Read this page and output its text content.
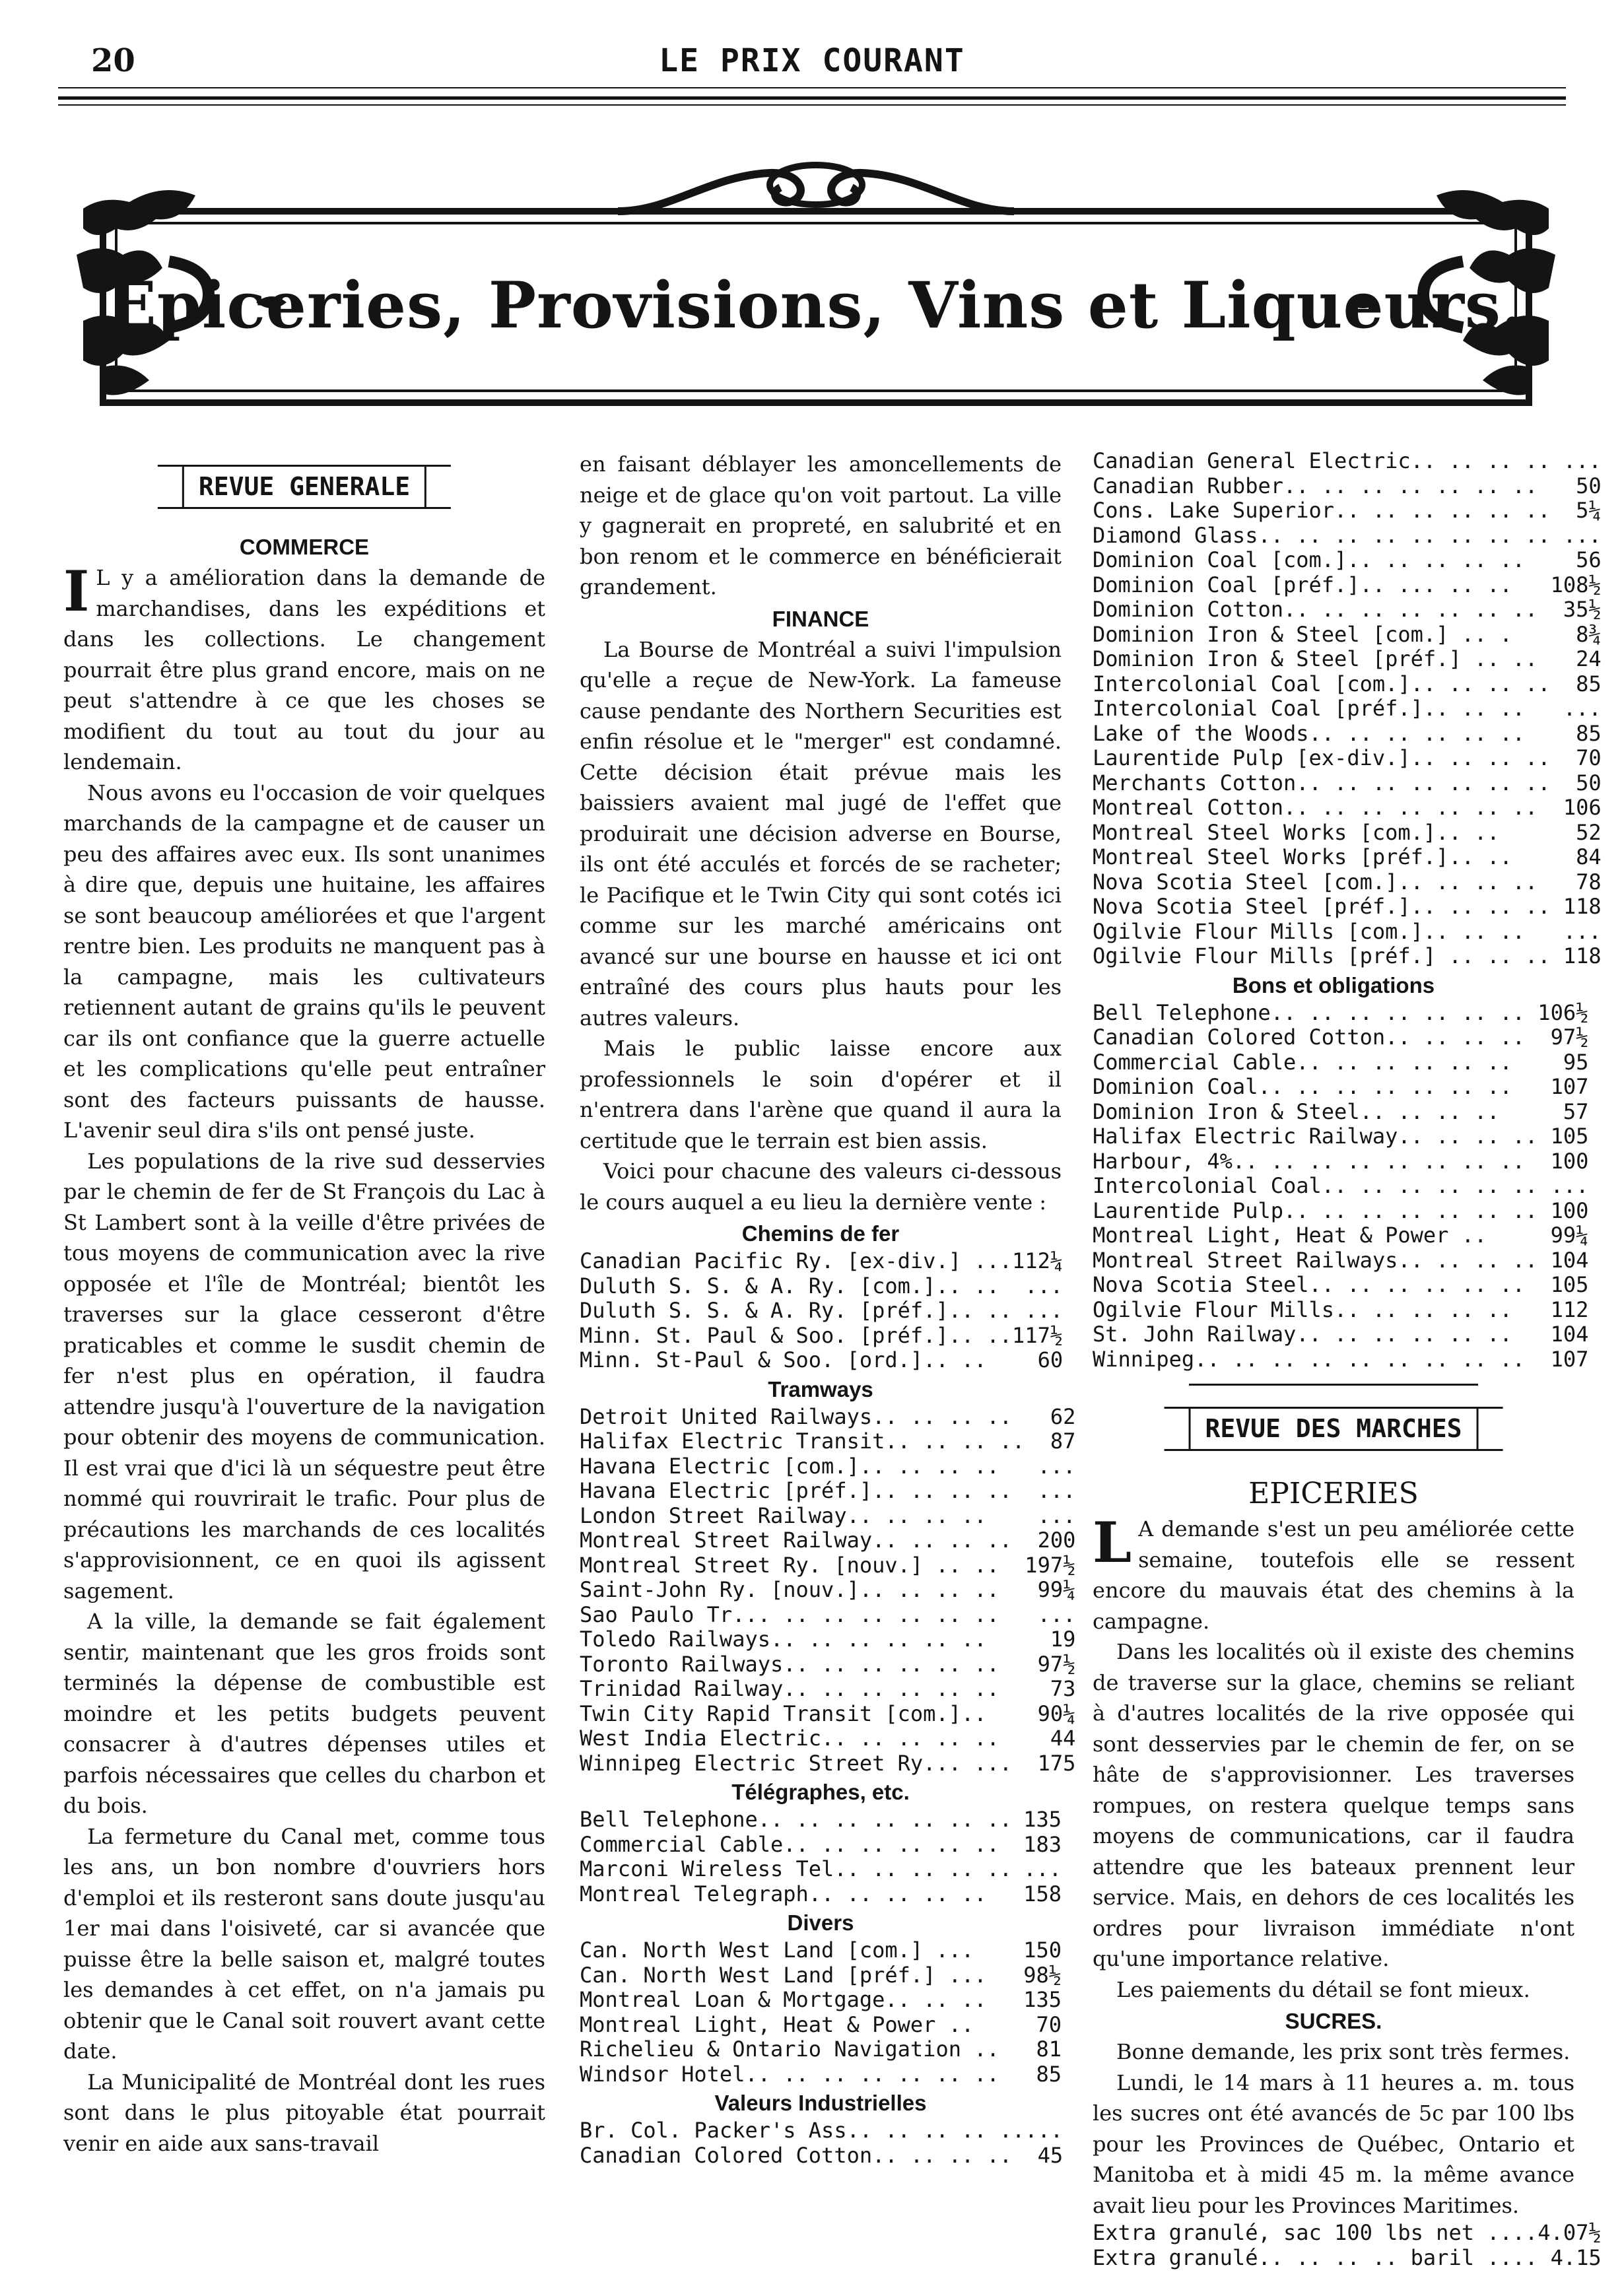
20	LE PRIX COURANT
Epiceries, Provisions, Vins et Liqueurs.
REVUE GENERALE
COMMERCE

I L y a amélioration dans la demande de marchandises, dans les expéditions et dans les collections. Le changement pourrait être plus grand encore, mais on ne peut s'attendre à ce que les choses se modifient du tout au tout du jour au lendemain.

Nous avons eu l'occasion de voir quelques marchands de la campagne et de causer un peu des affaires avec eux. Ils sont unanimes à dire que, depuis une huitaine, les affaires se sont beaucoup améliorées et que l'argent rentre bien. Les produits ne manquent pas à la campagne, mais les cultivateurs retiennent autant de grains qu'ils le peuvent car ils ont confiance que la guerre actuelle et les complications qu'elle peut entraîner sont des facteurs puissants de hausse. L'avenir seul dira s'ils ont pensé juste.

Les populations de la rive sud desservies par le chemin de fer de St François du Lac à St Lambert sont à la veille d'être privées de tous moyens de communication avec la rive opposée et l'île de Montréal; bientôt les traverses sur la glace cesseront d'être praticables et comme le susdit chemin de fer n'est plus en opération, il faudra attendre jusqu'à l'ouverture de la navigation pour obtenir des moyens de communication. Il est vrai que d'ici là un séquestre peut être nommé qui rouvrirait le trafic. Pour plus de précautions les marchands de ces localités s'approvisionnent, ce en quoi ils agissent sagement.

A la ville, la demande se fait également sentir, maintenant que les gros froids sont terminés la dépense de combustible est moindre et les petits budgets peuvent consacrer à d'autres dépenses utiles et parfois nécessaires que celles du charbon et du bois.

La fermeture du Canal met, comme tous les ans, un bon nombre d'ouvriers hors d'emploi et ils resteront sans doute jusqu'au 1er mai dans l'oisiveté, car si avancée que puisse être la belle saison et, malgré toutes les demandes à cet effet, on n'a jamais pu obtenir que le Canal soit rouvert avant cette date.

La Municipalité de Montréal dont les rues sont dans le plus pitoyable état pourrait venir en aide aux sans-travail

en faisant déblayer les amoncellements de neige et de glace qu'on voit partout. La ville y gagnerait en propreté, en salubrité et en bon renom et le commerce en bénéficierait grandement.

FINANCE

La Bourse de Montréal a suivi l'impulsion qu'elle a reçue de New-York. La fameuse cause pendante des Northern Securities est enfin résolue et le "merger" est condamné. Cette décision était prévue mais les baissiers avaient mal jugé de l'effet que produirait une décision adverse en Bourse, ils ont été acculés et forcés de se racheter; le Pacifique et le Twin City qui sont cotés ici comme sur les marché américains ont avancé sur une bourse en hausse et ici ont entraîné des cours plus hauts pour les autres valeurs.

Mais le public laisse encore aux professionnels le soin d'opérer et il n'entrera dans l'arène que quand il aura la certitude que le terrain est bien assis.

Voici pour chacune des valeurs ci-dessous le cours auquel a eu lieu la dernière vente :

Chemins de fer
Canadian Pacific Ry. [ex-div.] ...	112¼
Duluth S. S. & A. Ry. [com.].. ..	...
Duluth S. S. & A. Ry. [préf.].. ..	...
Minn. St. Paul & Soo. [préf.].. ..	117½
Minn. St-Paul & Soo. [ord.].. ..	60
Tramways
Detroit United Railways.. .. .. ..	62
Halifax Electric Transit.. .. .. ..	87
Havana Electric [com.].. .. .. ..	...
Havana Electric [préf.].. .. .. ..	...
London Street Railway.. .. .. ..	...
Montreal Street Railway.. .. .. ..	200
Montreal Street Ry. [nouv.] .. ..	197½
Saint-John Ry. [nouv.].. .. .. ..	99¼
Sao Paulo Tr... .. .. .. .. .. ..	...
Toledo Railways.. .. .. .. .. ..	19
Toronto Railways.. .. .. .. .. ..	97½
Trinidad Railway.. .. .. .. .. ..	73
Twin City Rapid Transit [com.]..	90¼
West India Electric.. .. .. .. ..	44
Winnipeg Electric Street Ry... ...	175
Télégraphes, etc.
Bell Telephone.. .. .. .. .. .. ..	135
Commercial Cable.. .. .. .. .. ..	183
Marconi Wireless Tel.. .. .. .. ..	...
Montreal Telegraph.. .. .. .. ..	158
Divers
Can. North West Land [com.] ...	150
Can. North West Land [préf.] ...	98½
Montreal Loan & Mortgage.. .. ..	135
Montreal Light, Heat & Power ..	70
Richelieu & Ontario Navigation ..	81
Windsor Hotel.. .. .. .. .. .. ..	85
Valeurs Industrielles
Br. Col. Packer's Ass.. .. .. .. ..	...
Canadian Colored Cotton.. .. .. ..	45
Canadian General Electric.. .. .. ..	...
Canadian Rubber.. .. .. .. .. .. ..	50
Cons. Lake Superior.. .. .. .. .. ..	5¼
Diamond Glass.. .. .. .. .. .. .. ..	...
Dominion Coal [com.].. .. .. .. ..	56
Dominion Coal [préf.].. ... .. ..	108½
Dominion Cotton.. .. .. .. .. .. ..	35½
Dominion Iron & Steel [com.] .. .	8¾
Dominion Iron & Steel [préf.] .. ..	24
Intercolonial Coal [com.].. .. .. ..	85
Intercolonial Coal [préf.].. .. ..	...
Lake of the Woods.. .. .. .. .. ..	85
Laurentide Pulp [ex-div.].. .. .. ..	70
Merchants Cotton.. .. .. .. .. .. ..	50
Montreal Cotton.. .. .. .. .. .. ..	106
Montreal Steel Works [com.].. ..	52
Montreal Steel Works [préf.].. ..	84
Nova Scotia Steel [com.].. .. .. ..	78
Nova Scotia Steel [préf.].. .. .. ..	118
Ogilvie Flour Mills [com.].. .. ..	...
Ogilvie Flour Mills [préf.] .. .. ..	118
Bons et obligations
Bell Telephone.. .. .. .. .. .. ..	106½
Canadian Colored Cotton.. .. .. ..	97½
Commercial Cable.. .. .. .. .. ..	95
Dominion Coal.. .. .. .. .. .. ..	107
Dominion Iron & Steel.. .. .. ..	57
Halifax Electric Railway.. .. .. ..	105
Harbour, 4%.. .. .. .. .. .. .. ..	100
Intercolonial Coal.. .. .. .. .. ..	...
Laurentide Pulp.. .. .. .. .. .. ..	100
Montreal Light, Heat & Power ..	99¼
Montreal Street Railways.. .. .. ..	104
Nova Scotia Steel.. .. .. .. .. ..	105
Ogilvie Flour Mills.. .. .. .. ..	112
St. John Railway.. .. .. .. .. ..	104
Winnipeg.. .. .. .. .. .. .. .. ..	107
REVUE DES MARCHES
EPICERIES

L A demande s'est un peu améliorée cette semaine, toutefois elle se ressent encore du mauvais état des chemins à la campagne.

Dans les localités où il existe des chemins de traverse sur la glace, chemins se reliant à d'autres localités de la rive opposée qui sont desservies par le chemin de fer, on se hâte de s'approvisionner. Les traverses rompues, on restera quelque temps sans moyens de communications, car il faudra attendre que les bateaux prennent leur service. Mais, en dehors de ces localités les ordres pour livraison immédiate n'ont qu'une importance relative.

Les paiements du détail se font mieux.

SUCRES.

Bonne demande, les prix sont très fermes.

Lundi, le 14 mars à 11 heures a. m. tous les sucres ont été avancés de 5c par 100 lbs pour les Provinces de Québec, Ontario et Manitoba et à midi 45 m. la même avance avait lieu pour les Provinces Maritimes.

Extra granulé, sac 100 lbs net ....	4.07½
Extra granulé.. .. .. .. baril ....	4.15
